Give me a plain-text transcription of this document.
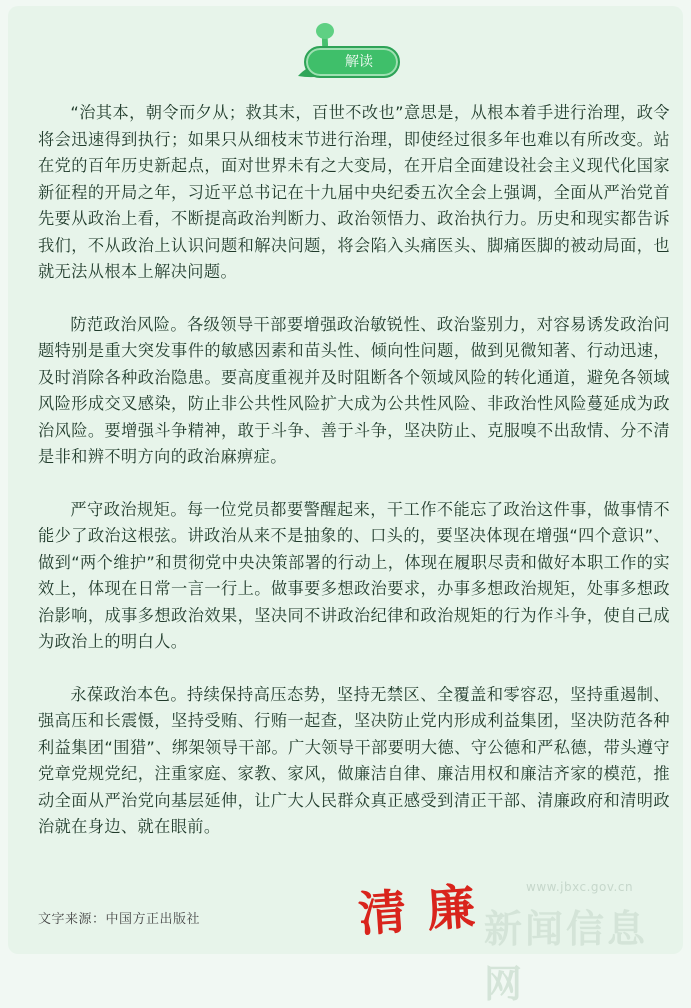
解读

“治其本，朝令而夕从；救其末，百世不改也”意思是，从根本着手进行治理，政令将会迅速得到执行；如果只从细枝末节进行治理，即使经过很多年也难以有所改变。站在党的百年历史新起点，面对世界未有之大变局，在开启全面建设社会主义现代化国家新征程的开局之年，习近平总书记在十九届中央纪委五次全会上强调，全面从严治党首先要从政治上看，不断提高政治判断力、政治领悟力、政治执行力。历史和现实都告诉我们，不从政治上认识问题和解决问题，将会陷入头痛医头、脚痛医脚的被动局面，也就无法从根本上解决问题。

防范政治风险。各级领导干部要增强政治敏锐性、政治鉴别力，对容易诱发政治问题特别是重大突发事件的敏感因素和苗头性、倾向性问题，做到见微知著、行动迅速，及时消除各种政治隐患。要高度重视并及时阻断各个领域风险的转化通道，避免各领域风险形成交叉感染，防止非公共性风险扩大成为公共性风险、非政治性风险蔓延成为政治风险。要增强斗争精神，敢于斗争、善于斗争，坚决防止、克服嗅不出敌情、分不清是非和辨不明方向的政治麻痹症。

严守政治规矩。每一位党员都要警醒起来，干工作不能忘了政治这件事，做事情不能少了政治这根弦。讲政治从来不是抽象的、口头的，要坚决体现在增强“四个意识”、做到“两个维护”和贯彻党中央决策部署的行动上，体现在履职尽责和做好本职工作的实效上，体现在日常一言一行上。做事要多想政治要求，办事多想政治规矩，处事多想政治影响，成事多想政治效果，坚决同不讲政治纪律和政治规矩的行为作斗争，使自己成为政治上的明白人。

永葆政治本色。持续保持高压态势，坚持无禁区、全覆盖和零容忍，坚持重遏制、强高压和长震慑，坚持受贿、行贿一起查，坚决防止党内形成利益集团，坚决防范各种利益集团“围猎”、绑架领导干部。广大领导干部要明大德、守公德和严私德，带头遵守党章党规党纪，注重家庭、家教、家风，做廉洁自律、廉洁用权和廉洁齐家的模范，推动全面从严治党向基层延伸，让广大人民群众真正感受到清正干部、清廉政府和清明政治就在身边、就在眼前。

文字来源：中国方正出版社	清 廉	www.jbxc.gov.cn
新闻信息网
